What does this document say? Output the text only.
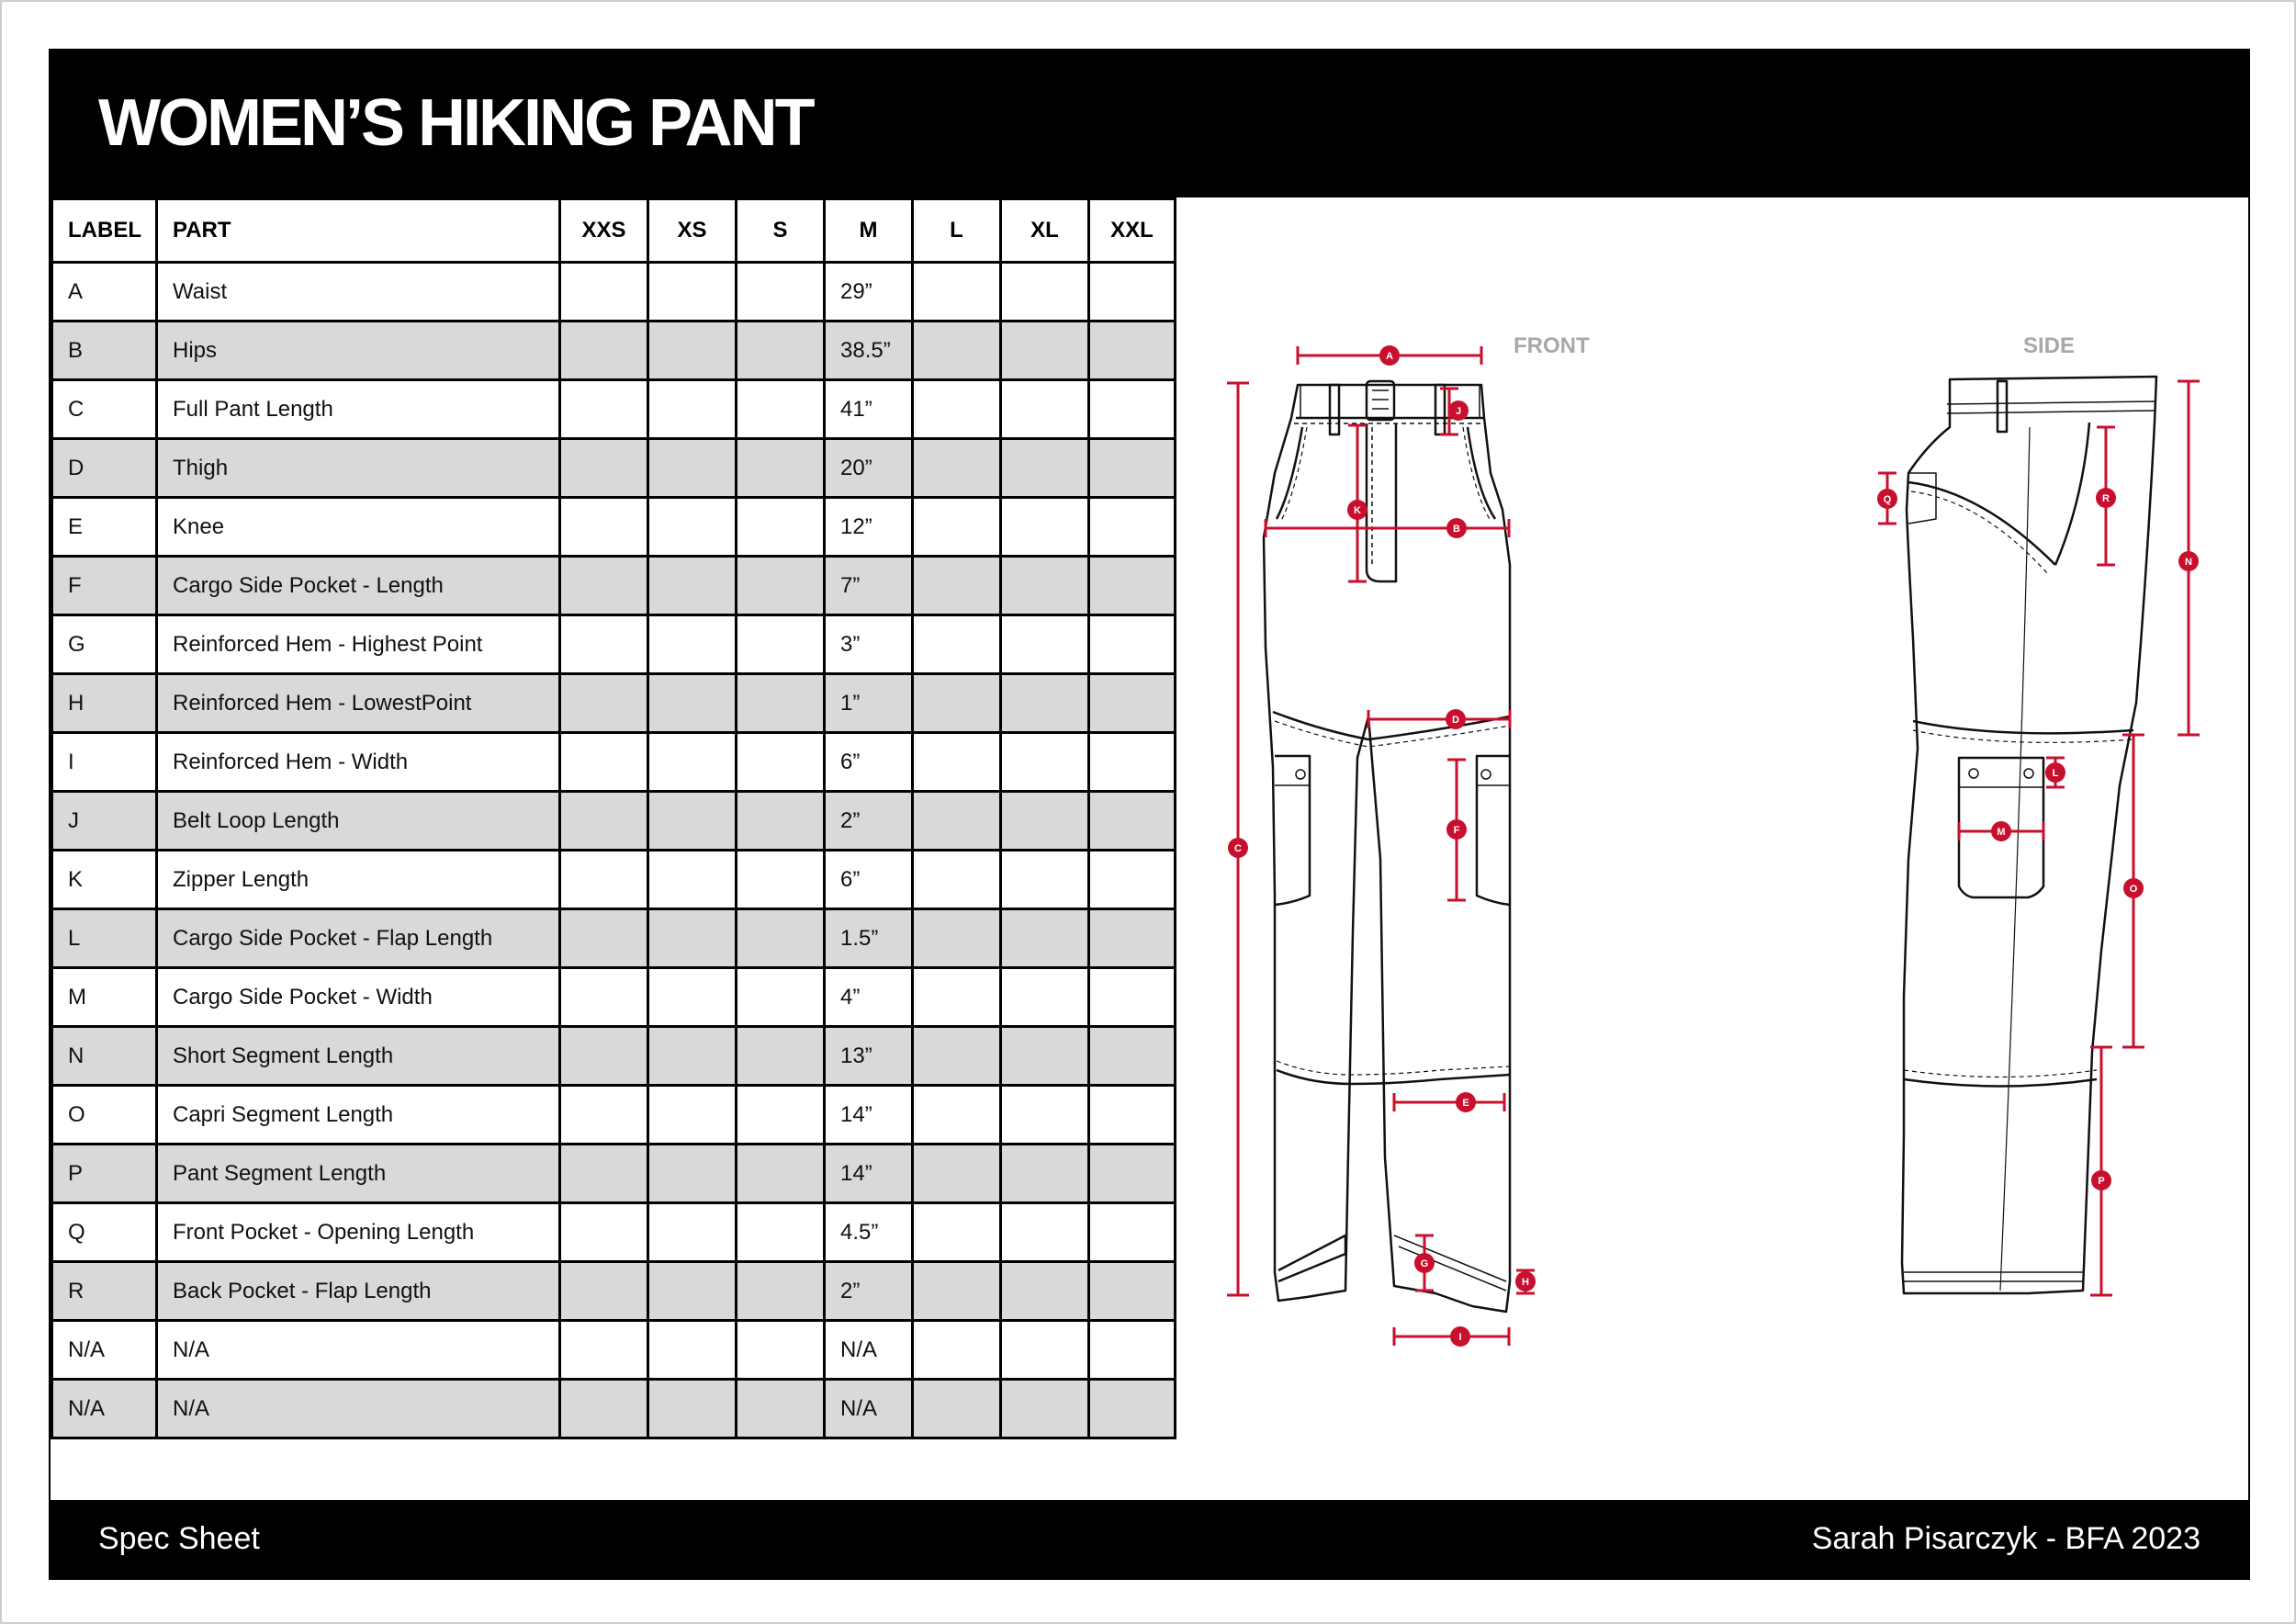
WOMEN’S HIKING PANT
LABEL	PART	XXS	XS	S	M	L	XL	XXL
A	Waist				29”			
B	Hips				38.5”			
C	Full Pant Length				41”			
D	Thigh				20”			
E	Knee				12”			
F	Cargo Side Pocket - Length				7”			
G	Reinforced Hem - Highest Point				3”			
H	Reinforced Hem - LowestPoint				1”			
I	Reinforced Hem - Width				6”			
J	Belt Loop Length				2”			
K	Zipper Length				6”			
L	Cargo Side Pocket - Flap Length				1.5”			
M	Cargo Side Pocket - Width				4”			
N	Short Segment Length				13”			
O	Capri Segment Length				14”			
P	Pant Segment Length				14”			
Q	Front Pocket - Opening Length				4.5”			
R	Back Pocket - Flap Length				2”			
N/A	N/A				N/A			
N/A	N/A				N/A			
FRONT	SIDE
A
B
C
D
E
F
G
H
I
J
K
L
M
N
O
P
Q	R
Spec Sheet	Sarah Pisarczyk - BFA 2023
